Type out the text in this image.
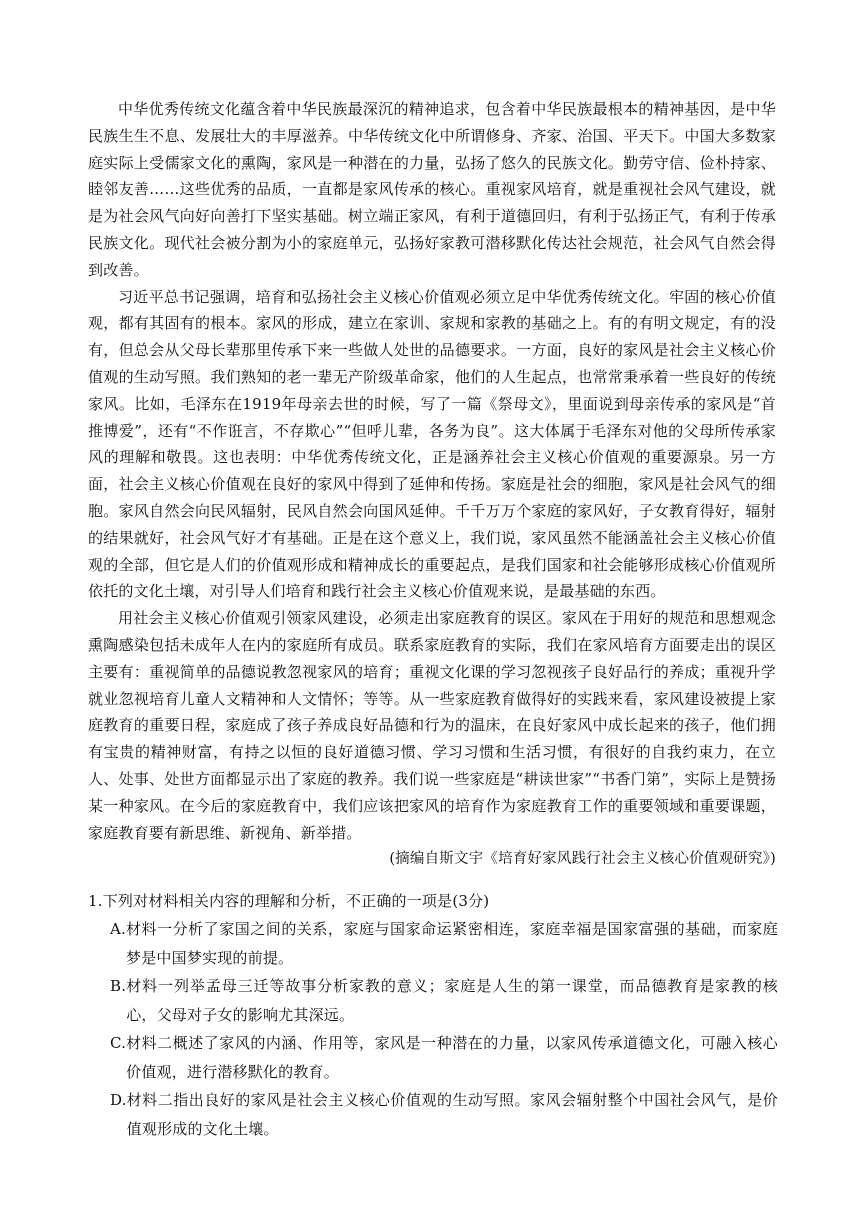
中华优秀传统文化蕴含着中华民族最深沉的精神追求，包含着中华民族最根本的精神基因，是中华民族生生不息、发展壮大的丰厚滋养。中华传统文化中所谓修身、齐家、治国、平天下。中国大多数家庭实际上受儒家文化的熏陶，家风是一种潜在的力量，弘扬了悠久的民族文化。勤劳守信、俭朴持家、睦邻友善……这些优秀的品质，一直都是家风传承的核心。重视家风培育，就是重视社会风气建设，就是为社会风气向好向善打下坚实基础。树立端正家风，有利于道德回归，有利于弘扬正气，有利于传承民族文化。现代社会被分割为小的家庭单元，弘扬好家教可潜移默化传达社会规范，社会风气自然会得到改善。

习近平总书记强调，培育和弘扬社会主义核心价值观必须立足中华优秀传统文化。牢固的核心价值观，都有其固有的根本。家风的形成，建立在家训、家规和家教的基础之上。有的有明文规定，有的没有，但总会从父母长辈那里传承下来一些做人处世的品德要求。一方面，良好的家风是社会主义核心价值观的生动写照。我们熟知的老一辈无产阶级革命家，他们的人生起点，也常常秉承着一些良好的传统家风。比如，毛泽东在1919年母亲去世的时候，写了一篇《祭母文》，里面说到母亲传承的家风是“首推博爱”，还有“不作诳言，不存欺心”“但呼儿辈，各务为良”。这大体属于毛泽东对他的父母所传承家风的理解和敬畏。这也表明：中华优秀传统文化，正是涵养社会主义核心价值观的重要源泉。另一方面，社会主义核心价值观在良好的家风中得到了延伸和传扬。家庭是社会的细胞，家风是社会风气的细胞。家风自然会向民风辐射，民风自然会向国风延伸。千千万万个家庭的家风好，子女教育得好，辐射的结果就好，社会风气好才有基础。正是在这个意义上，我们说，家风虽然不能涵盖社会主义核心价值观的全部，但它是人们的价值观形成和精神成长的重要起点，是我们国家和社会能够形成核心价值观所依托的文化土壤，对引导人们培育和践行社会主义核心价值观来说，是最基础的东西。

用社会主义核心价值观引领家风建设，必须走出家庭教育的误区。家风在于用好的规范和思想观念熏陶感染包括未成年人在内的家庭所有成员。联系家庭教育的实际，我们在家风培育方面要走出的误区主要有：重视简单的品德说教忽视家风的培育；重视文化课的学习忽视孩子良好品行的养成；重视升学就业忽视培育儿童人文精神和人文情怀；等等。从一些家庭教育做得好的实践来看，家风建设被提上家庭教育的重要日程，家庭成了孩子养成良好品德和行为的温床，在良好家风中成长起来的孩子，他们拥有宝贵的精神财富，有持之以恒的良好道德习惯、学习习惯和生活习惯，有很好的自我约束力，在立人、处事、处世方面都显示出了家庭的教养。我们说一些家庭是“耕读世家”“书香门第”，实际上是赞扬某一种家风。在今后的家庭教育中，我们应该把家风的培育作为家庭教育工作的重要领域和重要课题，家庭教育要有新思维、新视角、新举措。

(摘编自斯文宇《培育好家风践行社会主义核心价值观研究》)

1.下列对材料相关内容的理解和分析，不正确的一项是(3分)

A. 材料一分析了家国之间的关系，家庭与国家命运紧密相连，家庭幸福是国家富强的基础，而家庭梦是中国梦实现的前提。
B. 材料一列举孟母三迁等故事分析家教的意义；家庭是人生的第一课堂，而品德教育是家教的核心，父母对子女的影响尤其深远。
C. 材料二概述了家风的内涵、作用等，家风是一种潜在的力量，以家风传承道德文化，可融入核心价值观，进行潜移默化的教育。
D. 材料二指出良好的家风是社会主义核心价值观的生动写照。家风会辐射整个中国社会风气，是价值观形成的文化土壤。
